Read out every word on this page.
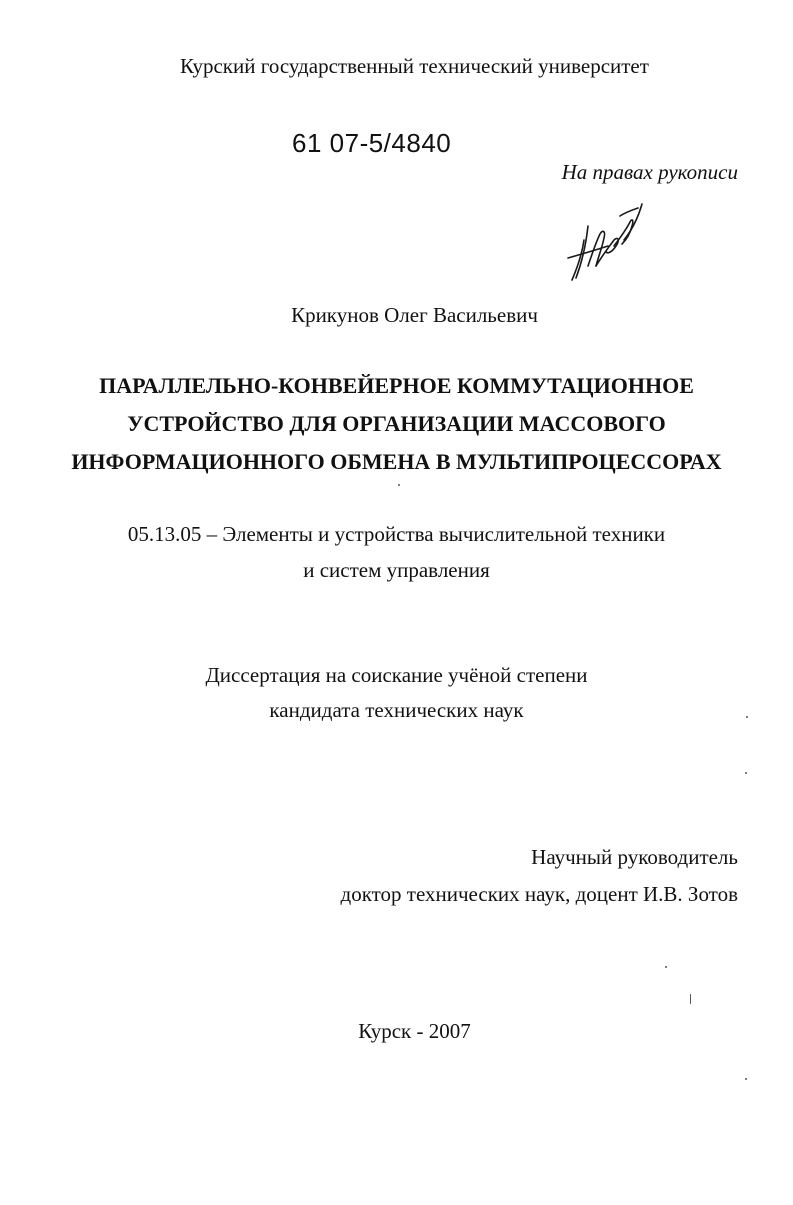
Курский государственный технический университет
61 07-5/4840
На правах рукописи
Крикунов Олег Васильевич
ПАРАЛЛЕЛЬНО-КОНВЕЙЕРНОЕ КОММУТАЦИОННОЕ
УСТРОЙСТВО ДЛЯ ОРГАНИЗАЦИИ МАССОВОГО
ИНФОРМАЦИОННОГО ОБМЕНА В МУЛЬТИПРОЦЕССОРАХ
05.13.05 – Элементы и устройства вычислительной техники
и систем управления
Диссертация на соискание учёной степени
кандидата технических наук
Научный руководитель
доктор технических наук, доцент И.В. Зотов
Курск - 2007
